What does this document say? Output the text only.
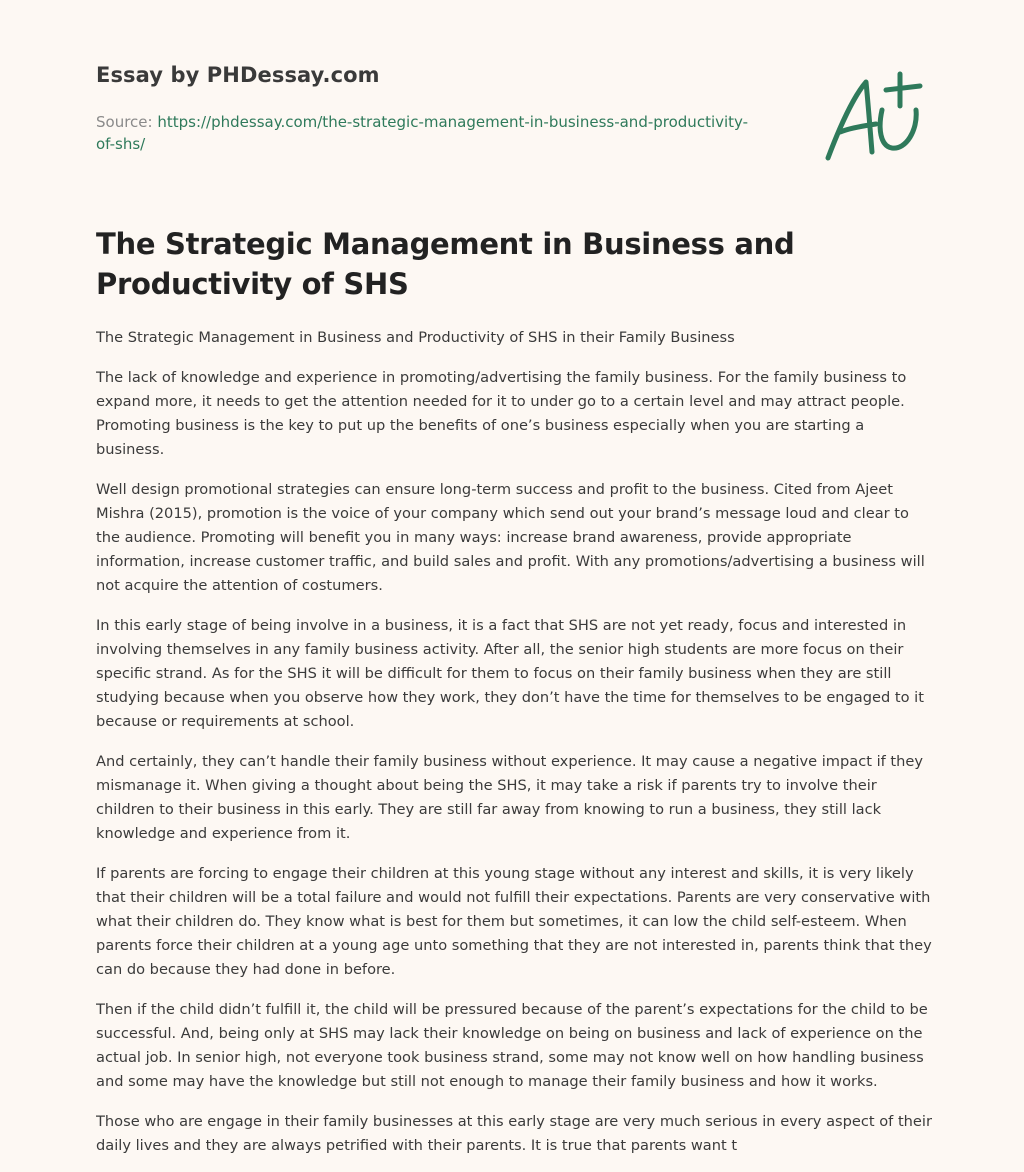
Essay by PHDessay.com
Source: https://phdessay.com/the-strategic-management-in-business-and-productivity-of-shs/
The Strategic Management in Business and Productivity of SHS

The Strategic Management in Business and Productivity of SHS in their Family Business

The lack of knowledge and experience in promoting/advertising the family business. For the family business to expand more, it needs to get the attention needed for it to under go to a certain level and may attract people. Promoting business is the key to put up the benefits of one’s business especially when you are starting a business.

Well design promotional strategies can ensure long-term success and profit to the business. Cited from Ajeet Mishra (2015), promotion is the voice of your company which send out your brand’s message loud and clear to the audience. Promoting will benefit you in many ways: increase brand awareness, provide appropriate information, increase customer traffic, and build sales and profit. With any promotions/advertising a business will not acquire the attention of costumers.

In this early stage of being involve in a business, it is a fact that SHS are not yet ready, focus and interested in involving themselves in any family business activity. After all, the senior high students are more focus on their specific strand. As for the SHS it will be difficult for them to focus on their family business when they are still studying because when you observe how they work, they don’t have the time for themselves to be engaged to it because or requirements at school.

And certainly, they can’t handle their family business without experience. It may cause a negative impact if they mismanage it. When giving a thought about being the SHS, it may take a risk if parents try to involve their children to their business in this early. They are still far away from knowing to run a business, they still lack knowledge and experience from it.

If parents are forcing to engage their children at this young stage without any interest and skills, it is very likely that their children will be a total failure and would not fulfill their expectations. Parents are very conservative with what their children do. They know what is best for them but sometimes, it can low the child self-esteem. When parents force their children at a young age unto something that they are not interested in, parents think that they can do because they had done in before.

Then if the child didn’t fulfill it, the child will be pressured because of the parent’s expectations for the child to be successful. And, being only at SHS may lack their knowledge on being on business and lack of experience on the actual job. In senior high, not everyone took business strand, some may not know well on how handling business and some may have the knowledge but still not enough to manage their family business and how it works.

Those who are engage in their family businesses at this early stage are very much serious in every aspect of their daily lives and they are always petrified with their parents. It is true that parents want t
